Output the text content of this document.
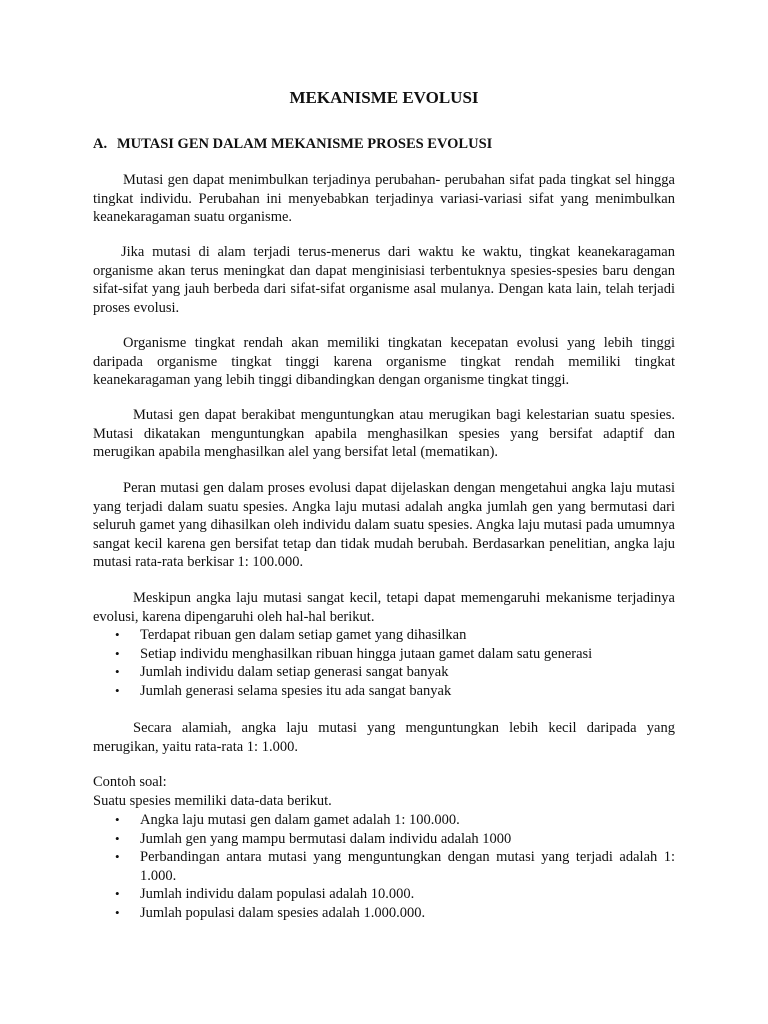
MEKANISME EVOLUSI
A. MUTASI GEN DALAM MEKANISME PROSES EVOLUSI

Mutasi gen dapat menimbulkan terjadinya perubahan- perubahan sifat pada tingkat sel hingga tingkat individu. Perubahan ini menyebabkan terjadinya variasi-variasi sifat yang menimbulkan keanekaragaman suatu organisme.

Jika mutasi di alam terjadi terus-menerus dari waktu ke waktu, tingkat keanekaragaman organisme akan terus meningkat dan dapat menginisiasi terbentuknya spesies-spesies baru dengan sifat-sifat yang jauh berbeda dari sifat-sifat organisme asal mulanya. Dengan kata lain, telah terjadi proses evolusi.

Organisme tingkat rendah akan memiliki tingkatan kecepatan evolusi yang lebih tinggi daripada organisme tingkat tinggi karena organisme tingkat rendah memiliki tingkat keanekaragaman yang lebih tinggi dibandingkan dengan organisme tingkat tinggi.

Mutasi gen dapat berakibat menguntungkan atau merugikan bagi kelestarian suatu spesies. Mutasi dikatakan menguntungkan apabila menghasilkan spesies yang bersifat adaptif dan merugikan apabila menghasilkan alel yang bersifat letal (mematikan).

Peran mutasi gen dalam proses evolusi dapat dijelaskan dengan mengetahui angka laju mutasi yang terjadi dalam suatu spesies. Angka laju mutasi adalah angka jumlah gen yang bermutasi dari seluruh gamet yang dihasilkan oleh individu dalam suatu spesies. Angka laju mutasi pada umumnya sangat kecil karena gen bersifat tetap dan tidak mudah berubah. Berdasarkan penelitian, angka laju mutasi rata-rata berkisar 1: 100.000.

Meskipun angka laju mutasi sangat kecil, tetapi dapat memengaruhi mekanisme terjadinya evolusi, karena dipengaruhi oleh hal-hal berikut.

• Terdapat ribuan gen dalam setiap gamet yang dihasilkan
• Setiap individu menghasilkan ribuan hingga jutaan gamet dalam satu generasi
• Jumlah individu dalam setiap generasi sangat banyak
• Jumlah generasi selama spesies itu ada sangat banyak

Secara alamiah, angka laju mutasi yang menguntungkan lebih kecil daripada yang merugikan, yaitu rata-rata 1: 1.000.

Contoh soal:

Suatu spesies memiliki data-data berikut.

• Angka laju mutasi gen dalam gamet adalah 1: 100.000.
• Jumlah gen yang mampu bermutasi dalam individu adalah 1000
• Perbandingan antara mutasi yang menguntungkan dengan mutasi yang terjadi adalah 1: 1.000.
• Jumlah individu dalam populasi adalah 10.000.
• Jumlah populasi dalam spesies adalah 1.000.000.
